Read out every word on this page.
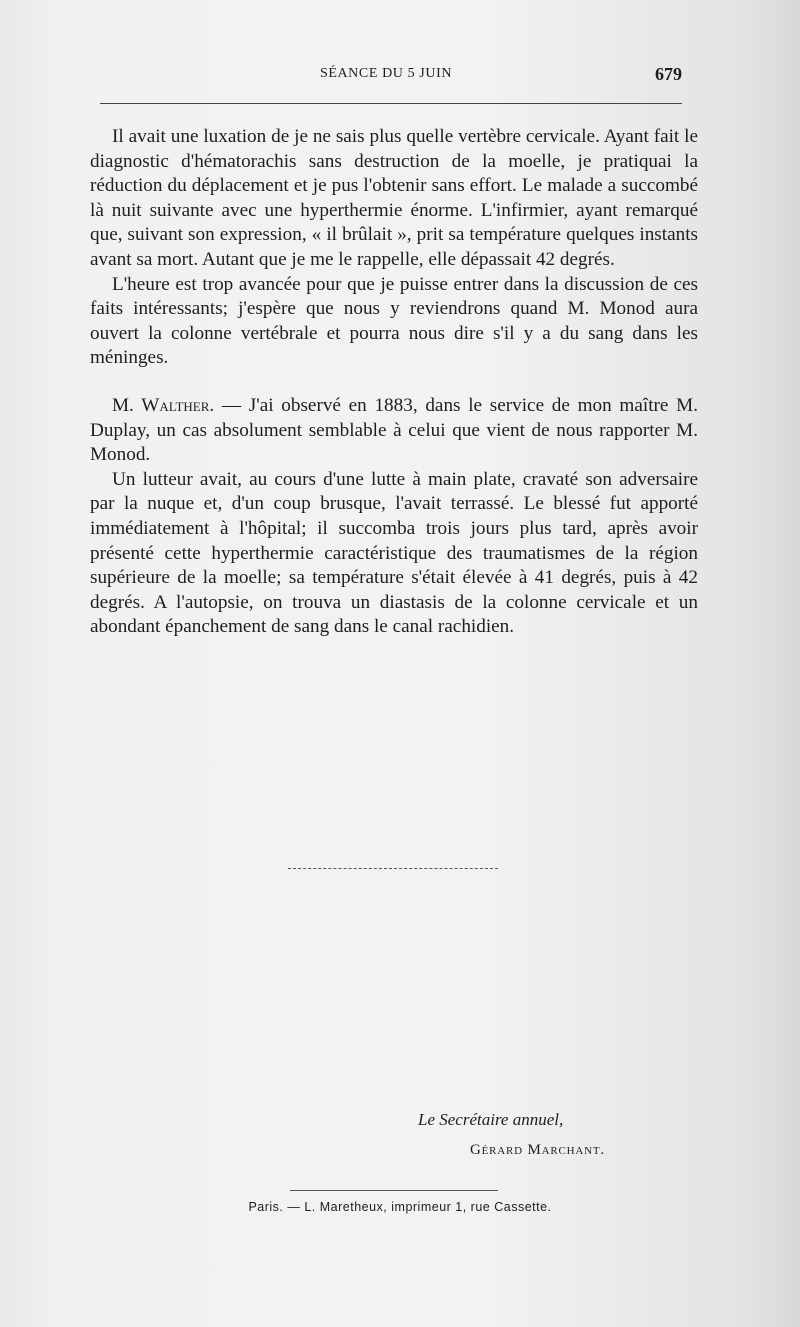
SÉANCE DU 5 JUIN	679

Il avait une luxation de je ne sais plus quelle vertèbre cervicale. Ayant fait le diagnostic d'hématorachis sans destruction de la moelle, je pratiquai la réduction du déplacement et je pus l'obtenir sans effort. Le malade a succombé là nuit suivante avec une hyperthermie énorme. L'infirmier, ayant remarqué que, suivant son expression, « il brûlait », prit sa température quelques instants avant sa mort. Autant que je me le rappelle, elle dépassait 42 degrés.

L'heure est trop avancée pour que je puisse entrer dans la discussion de ces faits intéressants; j'espère que nous y reviendrons quand M. Monod aura ouvert la colonne vertébrale et pourra nous dire s'il y a du sang dans les méninges.

M. Walther. — J'ai observé en 1883, dans le service de mon maître M. Duplay, un cas absolument semblable à celui que vient de nous rapporter M. Monod.

Un lutteur avait, au cours d'une lutte à main plate, cravaté son adversaire par la nuque et, d'un coup brusque, l'avait terrassé. Le blessé fut apporté immédiatement à l'hôpital; il succomba trois jours plus tard, après avoir présenté cette hyperthermie caractéristique des traumatismes de la région supérieure de la moelle; sa température s'était élevée à 41 degrés, puis à 42 degrés. A l'autopsie, on trouva un diastasis de la colonne cervicale et un abondant épanchement de sang dans le canal rachidien.

Le Secrétaire annuel,
Gérard Marchant.
Paris. — L. Maretheux, imprimeur 1, rue Cassette.
